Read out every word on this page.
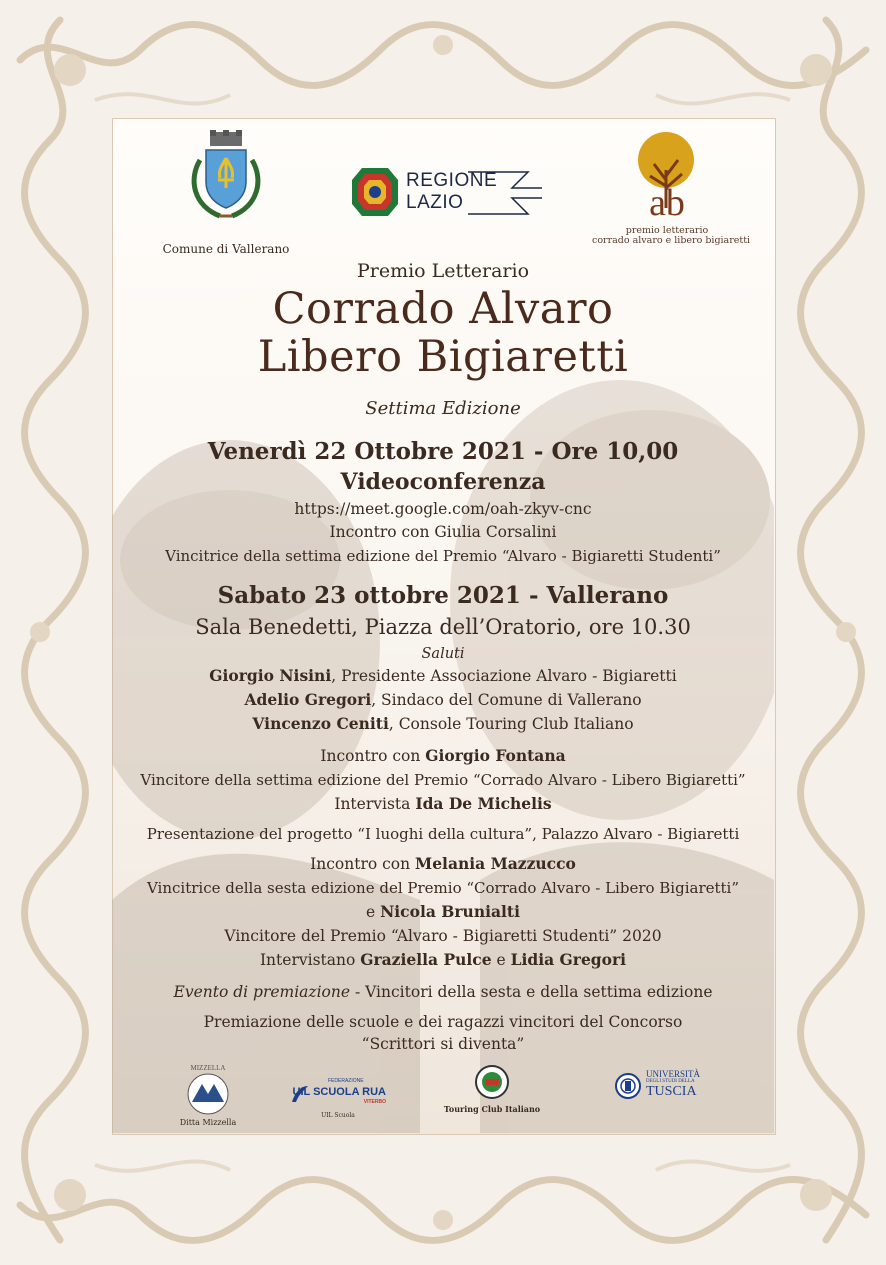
Comune di Vallerano
REGIONE
LAZIO	ab
premio letterario
corrado alvaro e libero bigiaretti
Premio Letterario
Corrado Alvaro
Libero Bigiaretti
Settima Edizione
Venerdì 22 Ottobre 2021 - Ore 10,00
Videoconferenza
https://meet.google.com/oah-zkyv-cnc
Incontro con Giulia Corsalini
Vincitrice della settima edizione del Premio “Alvaro - Bigiaretti Studenti”
Sabato 23 ottobre 2021 - Vallerano
Sala Benedetti, Piazza dell’Oratorio, ore 10.30
Saluti
Giorgio Nisini, Presidente Associazione Alvaro - Bigiaretti
Adelio Gregori, Sindaco del Comune di Vallerano
Vincenzo Ceniti, Console Touring Club Italiano
Incontro con Giorgio Fontana
Vincitore della settima edizione del Premio “Corrado Alvaro - Libero Bigiaretti”
Intervista Ida De Michelis
Presentazione del progetto “I luoghi della cultura”, Palazzo Alvaro - Bigiaretti
Incontro con Melania Mazzucco
Vincitrice della sesta edizione del Premio “Corrado Alvaro - Libero Bigiaretti”
e Nicola Brunialti
Vincitore del Premio “Alvaro - Bigiaretti Studenti” 2020
Intervistano Graziella Pulce e Lidia Gregori
Evento di premiazione - Vincitori della sesta e della settima edizione
Premiazione delle scuole e dei ragazzi vincitori del Concorso
“Scrittori si diventa”
MIZZELLA
Ditta Mizzella
FEDERAZIONE
UIL SCUOLA RUA
VITERBO
UIL Scuola
Touring Club Italiano
UNIVERSITÀ
DEGLI STUDI DELLA
TUSCIA
